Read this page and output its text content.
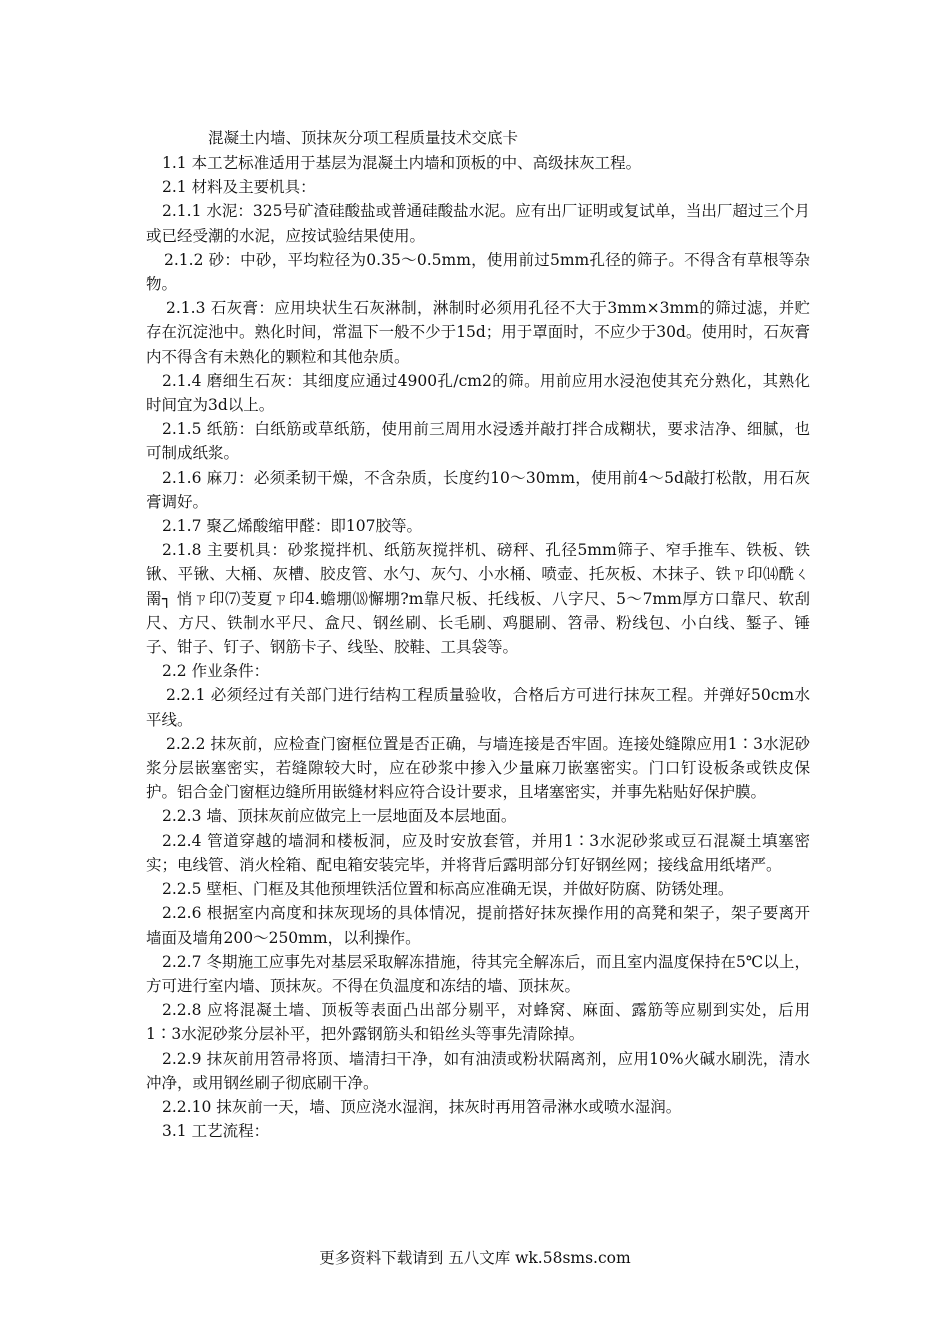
混凝土内墙、顶抹灰分项工程质量技术交底卡

1.1 本工艺标准适用于基层为混凝土内墙和顶板的中、高级抹灰工程。

2.1 材料及主要机具：

2.1.1 水泥：325号矿渣硅酸盐或普通硅酸盐水泥。应有出厂证明或复试单，当出厂超过三个月或已经受潮的水泥，应按试验结果使用。

2.1.2 砂：中砂，平均粒径为0.35～0.5mm，使用前过5mm孔径的筛子。不得含有草根等杂物。

2.1.3 石灰膏：应用块状生石灰淋制，淋制时必须用孔径不大于3mm×3mm的筛过滤，并贮存在沉淀池中。熟化时间，常温下一般不少于15d；用于罩面时，不应少于30d。使用时，石灰膏内不得含有未熟化的颗粒和其他杂质。

2.1.4 磨细生石灰：其细度应通过4900孔/cm2的筛。用前应用水浸泡使其充分熟化，其熟化时间宜为3d以上。

2.1.5 纸筋：白纸筋或草纸筋，使用前三周用水浸透并敲打拌合成糊状，要求洁净、细腻，也可制成纸浆。

2.1.6 麻刀：必须柔韧干燥，不含杂质，长度约10～30mm，使用前4～5d敲打松散，用石灰膏调好。

2.1.7 聚乙烯酸缩甲醛：即107胶等。

2.1.8 主要机具：砂浆搅拌机、纸筋灰搅拌机、磅秤、孔径5mm筛子、窄手推车、铁板、铁锹、平锹、大桶、灰槽、胶皮管、水勺、灰勺、小水桶、喷壶、托灰板、木抹子、铁ㄗ印⒁酰ㄑ罱┐ 悄ㄗ印⑺芰夏ㄗ印4.蟾堋⒅懈堋?m靠尺板、托线板、八字尺、5～7mm厚方口靠尺、软刮尺、方尺、铁制水平尺、盒尺、钢丝刷、长毛刷、鸡腿刷、笤帚、粉线包、小白线、錾子、锤子、钳子、钉子、钢筋卡子、线坠、胶鞋、工具袋等。

2.2 作业条件：

2.2.1 必须经过有关部门进行结构工程质量验收，合格后方可进行抹灰工程。并弹好50cm水平线。

2.2.2 抹灰前，应检查门窗框位置是否正确，与墙连接是否牢固。连接处缝隙应用1∶3水泥砂浆分层嵌塞密实，若缝隙较大时，应在砂浆中掺入少量麻刀嵌塞密实。门口钉设板条或铁皮保护。铝合金门窗框边缝所用嵌缝材料应符合设计要求，且堵塞密实，并事先粘贴好保护膜。

2.2.3 墙、顶抹灰前应做完上一层地面及本层地面。

2.2.4 管道穿越的墙洞和楼板洞，应及时安放套管，并用1∶3水泥砂浆或豆石混凝土填塞密实；电线管、消火栓箱、配电箱安装完毕，并将背后露明部分钉好钢丝网；接线盒用纸堵严。

2.2.5 壁柜、门框及其他预埋铁活位置和标高应准确无误，并做好防腐、防锈处理。

2.2.6 根据室内高度和抹灰现场的具体情况，提前搭好抹灰操作用的高凳和架子，架子要离开墙面及墙角200～250mm，以利操作。

2.2.7 冬期施工应事先对基层采取解冻措施，待其完全解冻后，而且室内温度保持在5℃以上，方可进行室内墙、顶抹灰。不得在负温度和冻结的墙、顶抹灰。

2.2.8 应将混凝土墙、顶板等表面凸出部分剔平，对蜂窝、麻面、露筋等应剔到实处，后用1∶3水泥砂浆分层补平，把外露钢筋头和铅丝头等事先清除掉。

2.2.9 抹灰前用笤帚将顶、墙清扫干净，如有油渍或粉状隔离剂，应用10%火碱水刷洗，清水冲净，或用钢丝刷子彻底刷干净。

2.2.10 抹灰前一天，墙、顶应浇水湿润，抹灰时再用笤帚淋水或喷水湿润。

3.1 工艺流程：

更多资料下载请到 五八文库 wk.58sms.com
